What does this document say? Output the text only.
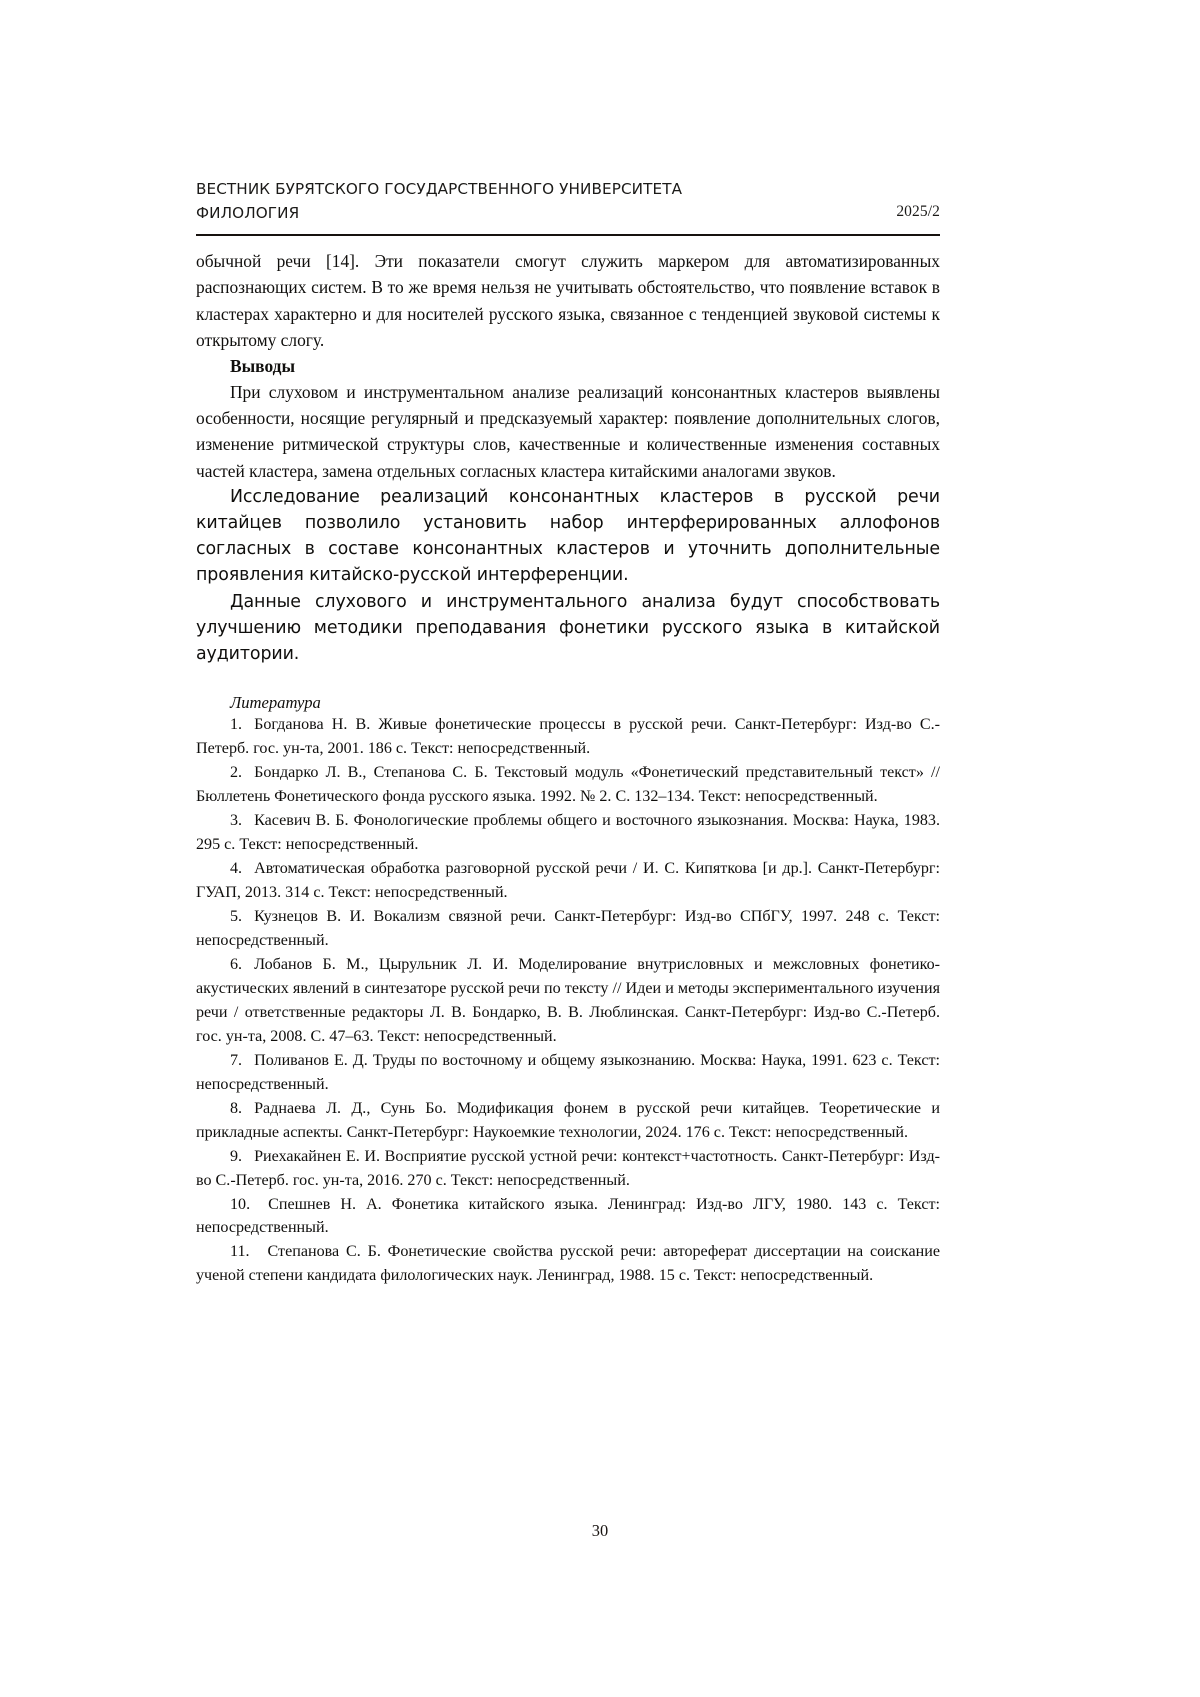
ВЕСТНИК БУРЯТСКОГО ГОСУДАРСТВЕННОГО УНИВЕРСИТЕТА
ФИЛОЛОГИЯ	2025/2

обычной речи [14]. Эти показатели смогут служить маркером для автоматизированных распознающих систем. В то же время нельзя не учитывать обстоятельство, что появление вставок в кластерах характерно и для носителей русского языка, связанное с тенденцией звуковой системы к открытому слогу.

Выводы

При слуховом и инструментальном анализе реализаций консонантных кластеров выявлены особенности, носящие регулярный и предсказуемый характер: появление дополнительных слогов, изменение ритмической структуры слов, качественные и количественные изменения составных частей кластера, замена отдельных согласных кластера китайскими аналогами звуков.

Исследование реализаций консонантных кластеров в русской речи китайцев позволило установить набор интерферированных аллофонов согласных в составе консонантных кластеров и уточнить дополнительные проявления китайско-русской интерференции.

Данные слухового и инструментального анализа будут способствовать улучшению методики преподавания фонетики русского языка в китайской аудитории.

Литература

1. Богданова Н. В. Живые фонетические процессы в русской речи. Санкт-Петербург: Изд-во С.-Петерб. гос. ун-та, 2001. 186 с. Текст: непосредственный.
2. Бондарко Л. В., Степанова С. Б. Текстовый модуль «Фонетический представительный текст» // Бюллетень Фонетического фонда русского языка. 1992. № 2. С. 132–134. Текст: непосредственный.
3. Касевич В. Б. Фонологические проблемы общего и восточного языкознания. Москва: Наука, 1983. 295 с. Текст: непосредственный.
4. Автоматическая обработка разговорной русской речи / И. С. Кипяткова [и др.]. Санкт-Петербург: ГУАП, 2013. 314 с. Текст: непосредственный.
5. Кузнецов В. И. Вокализм связной речи. Санкт-Петербург: Изд-во СПбГУ, 1997. 248 с. Текст: непосредственный.
6. Лобанов Б. М., Цырульник Л. И. Моделирование внутрисловных и межсловных фонетико-акустических явлений в синтезаторе русской речи по тексту // Идеи и методы экспериментального изучения речи / ответственные редакторы Л. В. Бондарко, В. В. Люблинская. Санкт-Петербург: Изд-во С.-Петерб. гос. ун-та, 2008. С. 47–63. Текст: непосредственный.
7. Поливанов Е. Д. Труды по восточному и общему языкознанию. Москва: Наука, 1991. 623 с. Текст: непосредственный.
8. Раднаева Л. Д., Сунь Бо. Модификация фонем в русской речи китайцев. Теоретические и прикладные аспекты. Санкт-Петербург: Наукоемкие технологии, 2024. 176 с. Текст: непосредственный.
9. Риехакайнен Е. И. Восприятие русской устной речи: контекст+частотность. Санкт-Петербург: Изд-во С.-Петерб. гос. ун-та, 2016. 270 с. Текст: непосредственный.
10. Спешнев Н. А. Фонетика китайского языка. Ленинград: Изд-во ЛГУ, 1980. 143 с. Текст: непосредственный.
11. Степанова С. Б. Фонетические свойства русской речи: автореферат диссертации на соискание ученой степени кандидата филологических наук. Ленинград, 1988. 15 с. Текст: непосредственный.
30
